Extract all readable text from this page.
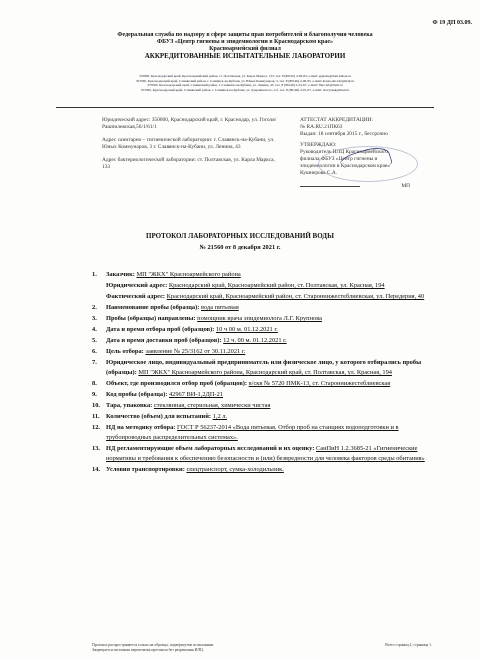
Ф 19 ДП 03.09.
Федеральная служба по надзору в сфере защиты прав потребителей и благополучия человека
ФБУЗ «Центр гигиены и эпидемиологии в Краснодарском крае»
Красноармейский филиал
АККРЕДИТОВАННЫЕ ИСПЫТАТЕЛЬНЫЕ ЛАБОРАТОРИИ
353800, Краснодарский край, Красноармейский район, ст. Полтавская, ул. Карла Маркса, 133, тел. 8 (86165) 4-09-83, e-mail: gsjasnu@mail.kuban.ru
353560, Краснодарский край, Славянский район, г. Славянск-на-Кубани, ул. Юных Коммунаров, 3, тел. 8 (86146) 4-09-95, e-mail: krasnodar-lab@mail.ru
353560, Краснодарский край, Славянский район, г. Славянск-на-Кубани, ул. Ленина, 43, тел. 8 (86146) 2-33-67, e-mail: fbuz-lab@mail.ru
353560, Краснодарский край, Славянский район, г. Славянск-на-Кубани, ул. Дзержинского, 2-б, тел. 8 (86146) 4-01-07, e-mail: slavyansk@mail.ru

Юридический адрес: 350000, Краснодарский край, г. Краснодар, ул. Гоголя/Рашпилевская,56/1/61/1

Адрес санитарно – гигиенической лаборатории: г. Славянск-на-Кубани, ул. Юных Коммунаров, 3 г. Славянск-на-Кубани, ул. Ленина, 43

Адрес бактериологической лаборатории: ст. Полтавская, ул. Карла Маркса, 133

АТТЕСТАТ АККРЕДИТАЦИИ:

№ RA.RU.21ПК63

Выдан: 18 сентября 2015 г., бессрочно

УТВЕРЖДАЮ:

Руководитель ИЛЦ Красноармейского

филиала ФБУЗ «Центр гигиены и

эпидемиологии в Краснодарском крае»

Кушнерова С.А.

МП

ПРОТОКОЛ ЛАБОРАТОРНЫХ ИССЛЕДОВАНИЙ ВОДЫ
№ 21560 от 8 декабря 2021 г.
1. Заказчик: МП "ЖКХ" Красноармейского района
Юридический адрес: Краснодарский край, Красноармейский район, ст. Полтавская, ул. Красная, 194
Фактический адрес: Краснодарский край, Красноармейский район, ст. Староннижестеблиевская, ул. Передерия, 40
2. Наименование пробы (образца): вода питьевая
3. Пробы (образцы) направлены: помощник врача эпидемиолога Л.Г. Крупнова
4. Дата и время отбора проб (образцов): 10 ч 00 м. 01.12.2021 г.
5. Дата и время доставки проб (образцов): 12 ч. 00 м. 01.12.2021 г.
6. Цель отбора: заявление № 25/3162 от 30.11.2021 г.
7. Юридическое лицо, индивидуальный предприниматель или физическое лицо, у которого отбирались пробы (образцы): МП "ЖКХ" Красноармейского района, Краснодарский край, ст. Полтавская, ул. Красная, 194
8. Объект, где производился отбор проб (образцов): в/скв № 5720 ПМК-13, ст. Староннижестеблиевская
9. Код пробы (образца): 42967 ВИ-1,2ДП-21
10. Тара, упаковка: стеклянная, стерильная, химически чистая
11. Количество (объем) для испытаний: 1,2 л.
12. НД на методику отбора: ГОСТ Р 56237-2014 «Вода питьевая. Отбор проб на станциях водоподготовки и в трубопроводных распределительных системах».
13. НД регламентирующие объем лабораторных исследований и их оценку: СанПиН 1.2.3685-21 «Гигиенические нормативы и требования к обеспечению безопасности и (или) безвредности для человека факторов среды обитания»
14. Условия транспортировки: спецтранспорт, сумка-холодильник.
Протокол распространяется только на образцы, подвергнутые испытаниям.
Запрещается частичная перепечатка протокола без разрешения ИЛЦ.
Всего страниц 2; страница 1.
